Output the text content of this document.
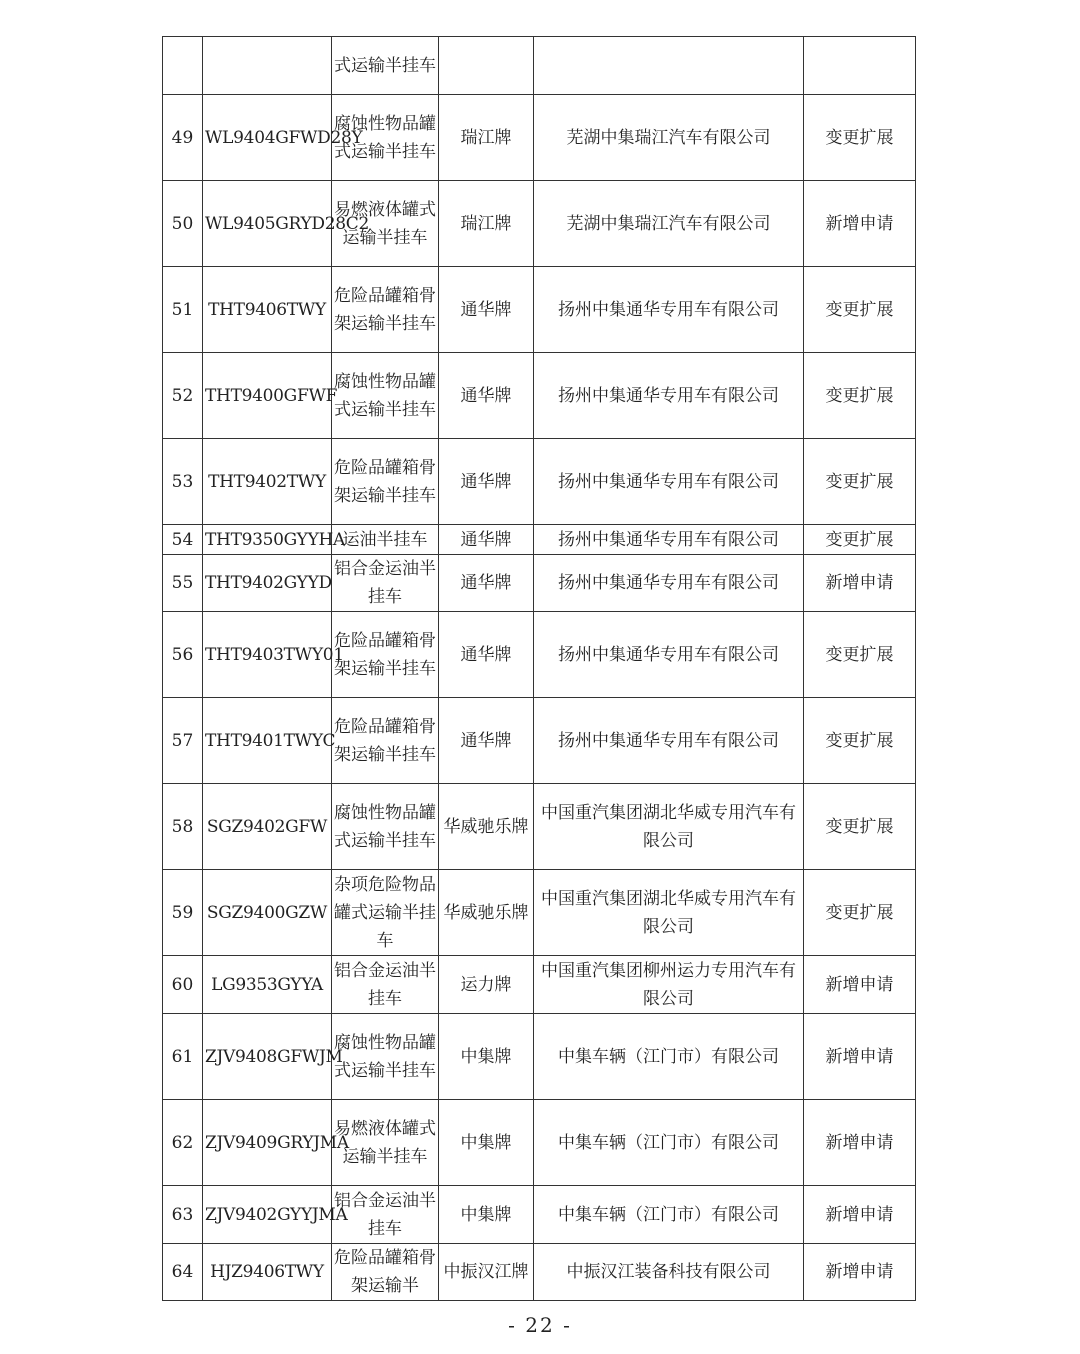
		式运输半挂车			
49	WL9404GFWD28Y	腐蚀性物品罐式运输半挂车	瑞江牌	芜湖中集瑞江汽车有限公司	变更扩展
50	WL9405GRYD28C2	易燃液体罐式运输半挂车	瑞江牌	芜湖中集瑞江汽车有限公司	新增申请
51	THT9406TWY	危险品罐箱骨架运输半挂车	通华牌	扬州中集通华专用车有限公司	变更扩展
52	THT9400GFWF	腐蚀性物品罐式运输半挂车	通华牌	扬州中集通华专用车有限公司	变更扩展
53	THT9402TWY	危险品罐箱骨架运输半挂车	通华牌	扬州中集通华专用车有限公司	变更扩展
54	THT9350GYYHA	运油半挂车	通华牌	扬州中集通华专用车有限公司	变更扩展
55	THT9402GYYD	铝合金运油半挂车	通华牌	扬州中集通华专用车有限公司	新增申请
56	THT9403TWY01	危险品罐箱骨架运输半挂车	通华牌	扬州中集通华专用车有限公司	变更扩展
57	THT9401TWYC	危险品罐箱骨架运输半挂车	通华牌	扬州中集通华专用车有限公司	变更扩展
58	SGZ9402GFW	腐蚀性物品罐式运输半挂车	华威驰乐牌	中国重汽集团湖北华威专用汽车有限公司	变更扩展
59	SGZ9400GZW	杂项危险物品罐式运输半挂车	华威驰乐牌	中国重汽集团湖北华威专用汽车有限公司	变更扩展
60	LG9353GYYA	铝合金运油半挂车	运力牌	中国重汽集团柳州运力专用汽车有限公司	新增申请
61	ZJV9408GFWJM	腐蚀性物品罐式运输半挂车	中集牌	中集车辆（江门市）有限公司	新增申请
62	ZJV9409GRYJMA	易燃液体罐式运输半挂车	中集牌	中集车辆（江门市）有限公司	新增申请
63	ZJV9402GYYJMA	铝合金运油半挂车	中集牌	中集车辆（江门市）有限公司	新增申请
64	HJZ9406TWY	危险品罐箱骨架运输半	中振汉江牌	中振汉江装备科技有限公司	新增申请
- 22 -
